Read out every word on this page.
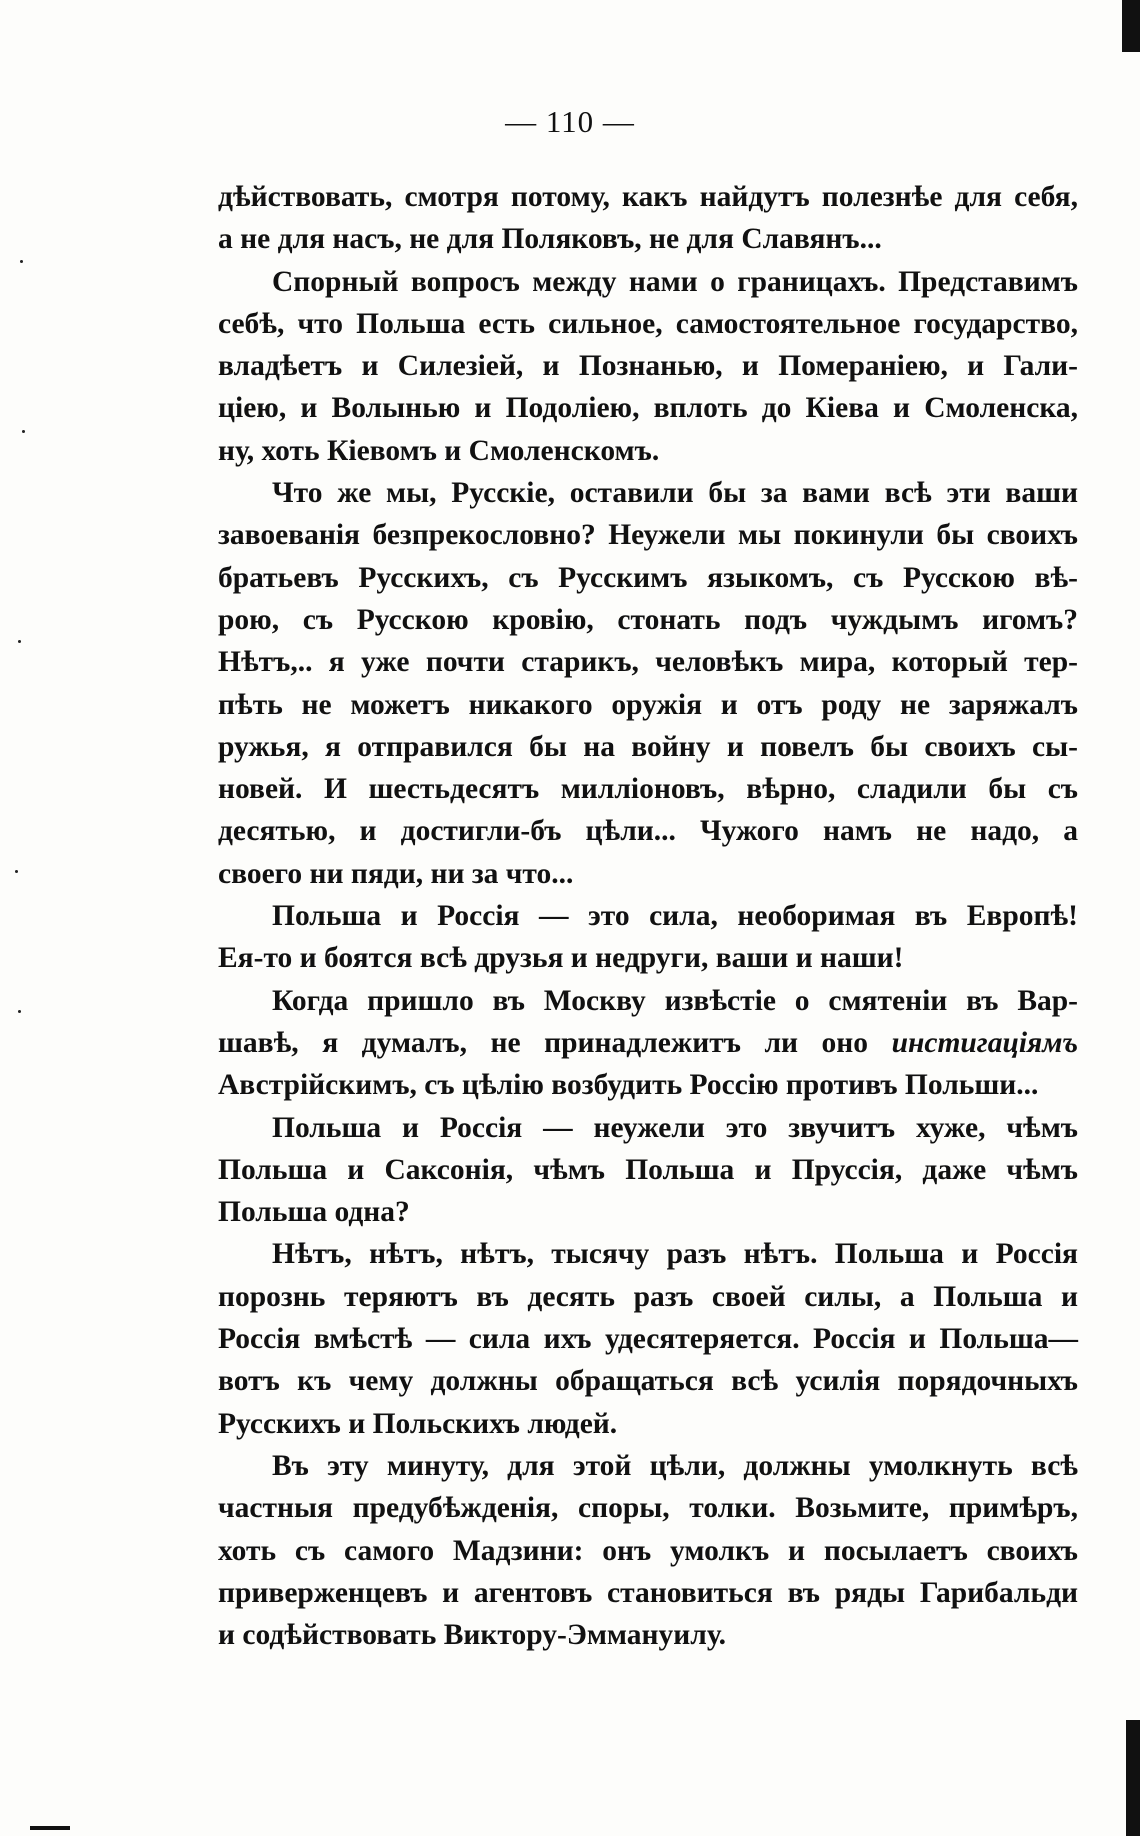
— 110 —
дѣйствовать, смотря потому, какъ найдутъ полезнѣе для себя,
а не для насъ, не для Поляковъ, не для Славянъ...
Спорный вопросъ между нами о границахъ. Представимъ
себѣ, что Польша есть сильное, самостоятельное государство,
владѣетъ и Силезіей, и Познанью, и Помераніею, и Гали-
ціею, и Волынью и Подоліею, вплоть до Кіева и Смоленска,
ну, хоть Кіевомъ и Смоленскомъ.
Что же мы, Русскіе, оставили бы за вами всѣ эти ваши
завоеванія безпрекословно? Неужели мы покинули бы своихъ
братьевъ Русскихъ, съ Русскимъ языкомъ, съ Русскою вѣ-
рою, съ Русскою кровію, стонать подъ чуждымъ игомъ?
Нѣтъ,.. я уже почти старикъ, человѣкъ мира, который тер-
пѣть не можетъ никакого оружія и отъ роду не заряжалъ
ружья, я отправился бы на войну и повелъ бы своихъ сы-
новей. И шестьдесятъ милліоновъ, вѣрно, сладили бы съ
десятью, и достигли-бъ цѣли... Чужого намъ не надо, а
своего ни пяди, ни за что...
Польша и Россія — это сила, необоримая въ Европѣ!
Ея-то и боятся всѣ друзья и недруги, ваши и наши!
Когда пришло въ Москву извѣстіе о смятеніи въ Вар-
шавѣ, я думалъ, не принадлежитъ ли оно инстигаціямъ
Австрійскимъ, съ цѣлію возбудить Россію противъ Польши...
Польша и Россія — неужели это звучитъ хуже, чѣмъ
Польша и Саксонія, чѣмъ Польша и Пруссія, даже чѣмъ
Польша одна?
Нѣтъ, нѣтъ, нѣтъ, тысячу разъ нѣтъ. Польша и Россія
порознь теряютъ въ десять разъ своей силы, а Польша и
Россія вмѣстѣ — сила ихъ удесятеряется. Россія и Польша—
вотъ къ чему должны обращаться всѣ усилія порядочныхъ
Русскихъ и Польскихъ людей.
Въ эту минуту, для этой цѣли, должны умолкнуть всѣ
частныя предубѣжденія, споры, толки. Возьмите, примѣръ,
хоть съ самого Мадзини: онъ умолкъ и посылаетъ своихъ
приверженцевъ и агентовъ становиться въ ряды Гарибальди
и содѣйствовать Виктору-Эммануилу.
